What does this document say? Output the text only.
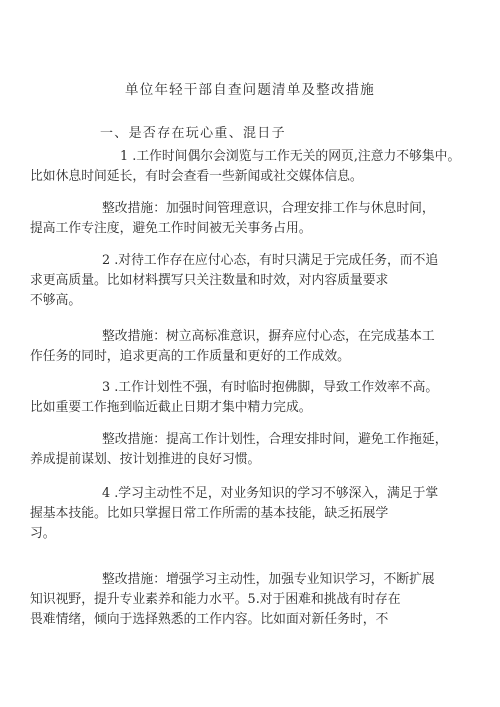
单位年轻干部自查问题清单及整改措施
一、是否存在玩心重、混日子
1 .工作时间偶尔会浏览与工作无关的网页,注意力不够集中。
比如休息时间延长，有时会查看一些新闻或社交媒体信息。
整改措施：加强时间管理意识，合理安排工作与休息时间，
提高工作专注度，避免工作时间被无关事务占用。
2 .对待工作存在应付心态，有时只满足于完成任务，而不追
求更高质量。比如材料撰写只关注数量和时效，对内容质量要求
不够高。
整改措施：树立高标准意识，摒弃应付心态，在完成基本工
作任务的同时，追求更高的工作质量和更好的工作成效。
3 .工作计划性不强，有时临时抱佛脚，导致工作效率不高。
比如重要工作拖到临近截止日期才集中精力完成。
整改措施：提高工作计划性，合理安排时间，避免工作拖延，
养成提前谋划、按计划推进的良好习惯。
4 .学习主动性不足，对业务知识的学习不够深入，满足于掌
握基本技能。比如只掌握日常工作所需的基本技能，缺乏拓展学
习。
整改措施：增强学习主动性，加强专业知识学习，不断扩展
知识视野，提升专业素养和能力水平。5.对于困难和挑战有时存在
畏难情绪，倾向于选择熟悉的工作内容。比如面对新任务时，不
